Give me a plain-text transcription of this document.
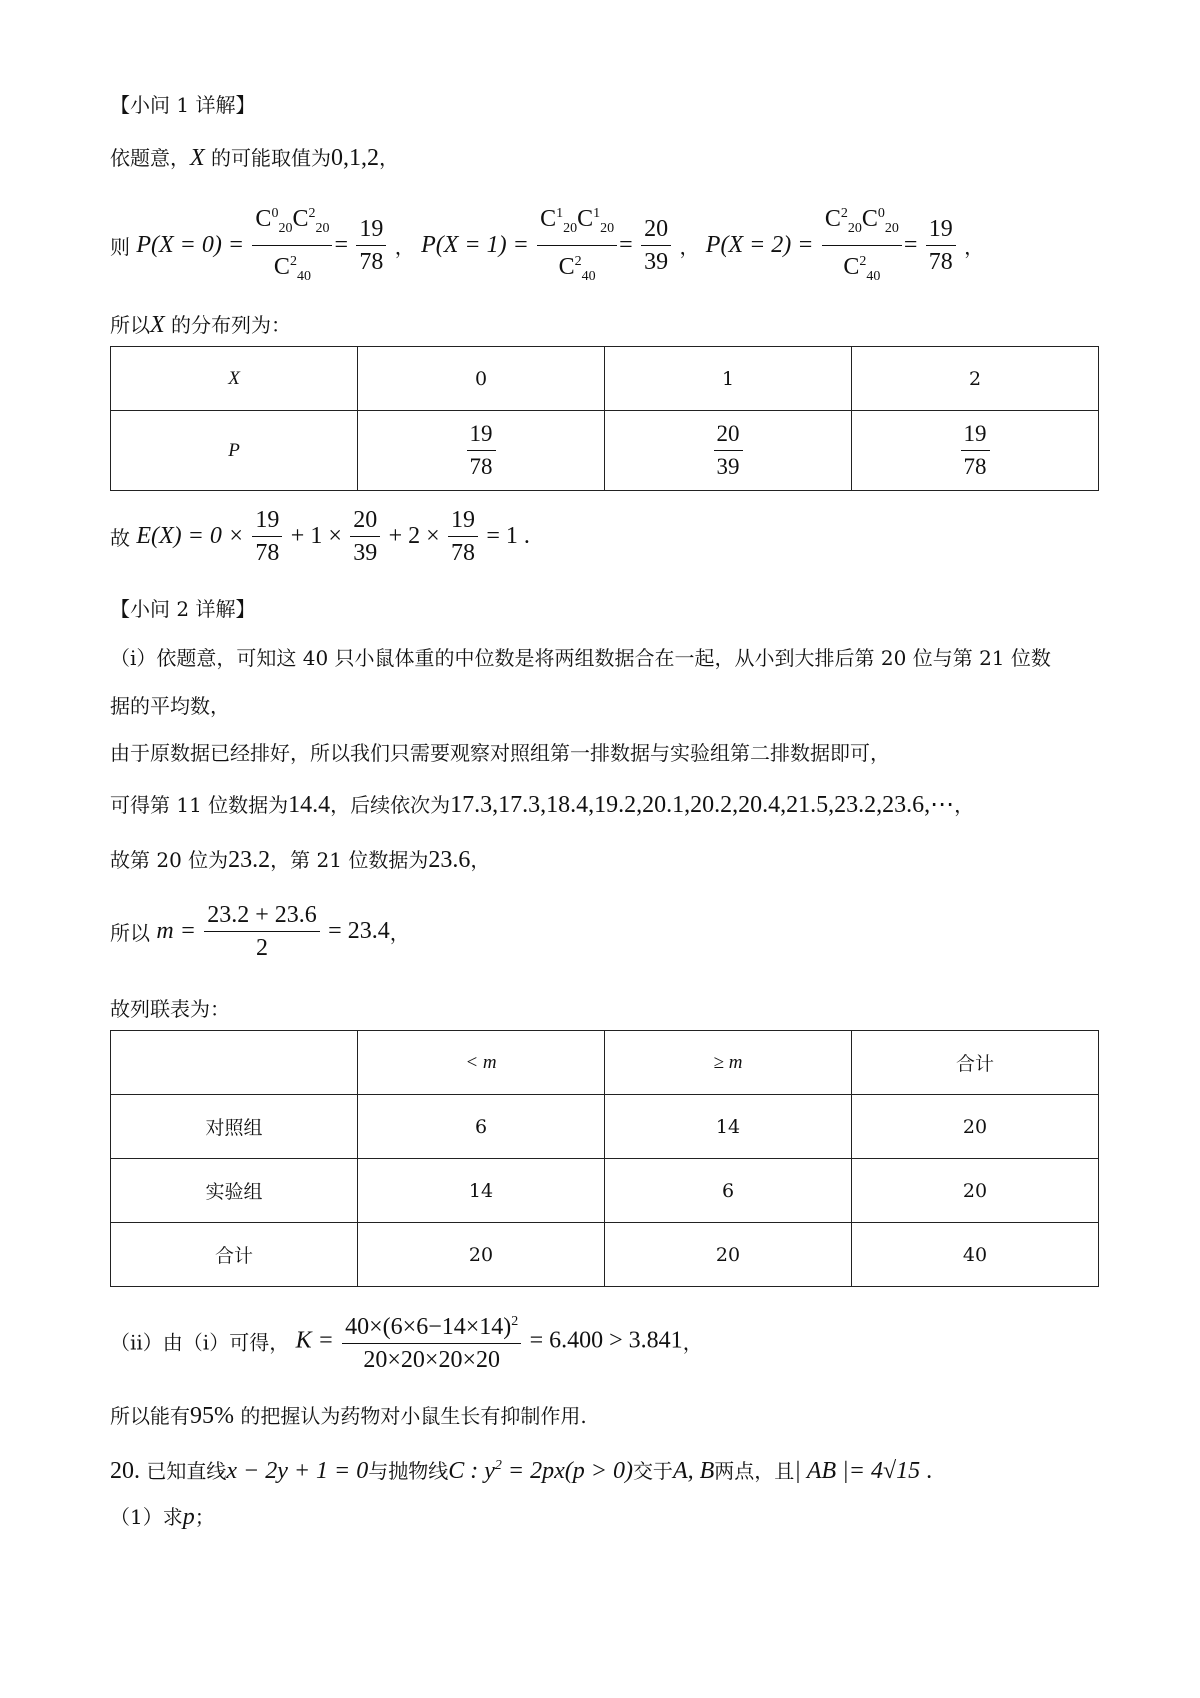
【小问 1 详解】
依题意，X 的可能取值为0,1,2，
则 $P(X = 0) = \frac{C^0_{20}C^2_{20}}{C^2_{40}} = \frac{19}{78}$ ， $P(X = 1) = \frac{C^1_{20}C^1_{20}}{C^2_{40}} = \frac{20}{39}$ ， $P(X = 2) = \frac{C^2_{20}C^0_{20}}{C^2_{40}} = \frac{19}{78}$ ，
所以X 的分布列为：
X	0	1	2
P	$\frac{19}{78}$	$\frac{20}{39}$	$\frac{19}{78}$
故 $E(X) = 0 \times \frac{19}{78} + 1 \times \frac{20}{39} + 2 \times \frac{19}{78} = 1$ .
【小问 2 详解】
（i）依题意，可知这 40 只小鼠体重的中位数是将两组数据合在一起，从小到大排后第 20 位与第 21 位数
据的平均数，
由于原数据已经排好，所以我们只需要观察对照组第一排数据与实验组第二排数据即可，
可得第 11 位数据为14.4，后续依次为17.3,17.3,18.4,19.2,20.1,20.2,20.4,21.5,23.2,23.6,⋯，
故第 20 位为23.2，第 21 位数据为23.6，
所以 $m = \frac{23.2 + 23.6}{2} = 23.4$，
故列联表为：
	< m	≥ m	合计
对照组	6	14	20
实验组	14	6	20
合计	20	20	40
（ii）由（i）可得， $K = \frac{40\times(6\times 6-14\times 14)^2}{20\times 20\times 20\times 20} = 6.400 > 3.841$，
所以能有95% 的把握认为药物对小鼠生长有抑制作用.
20. 已知直线x − 2y + 1 = 0与抛物线C : $y^2 = 2px(p > 0)$交于A, B两点，且| AB |= 4√15 .
（1）求p；
